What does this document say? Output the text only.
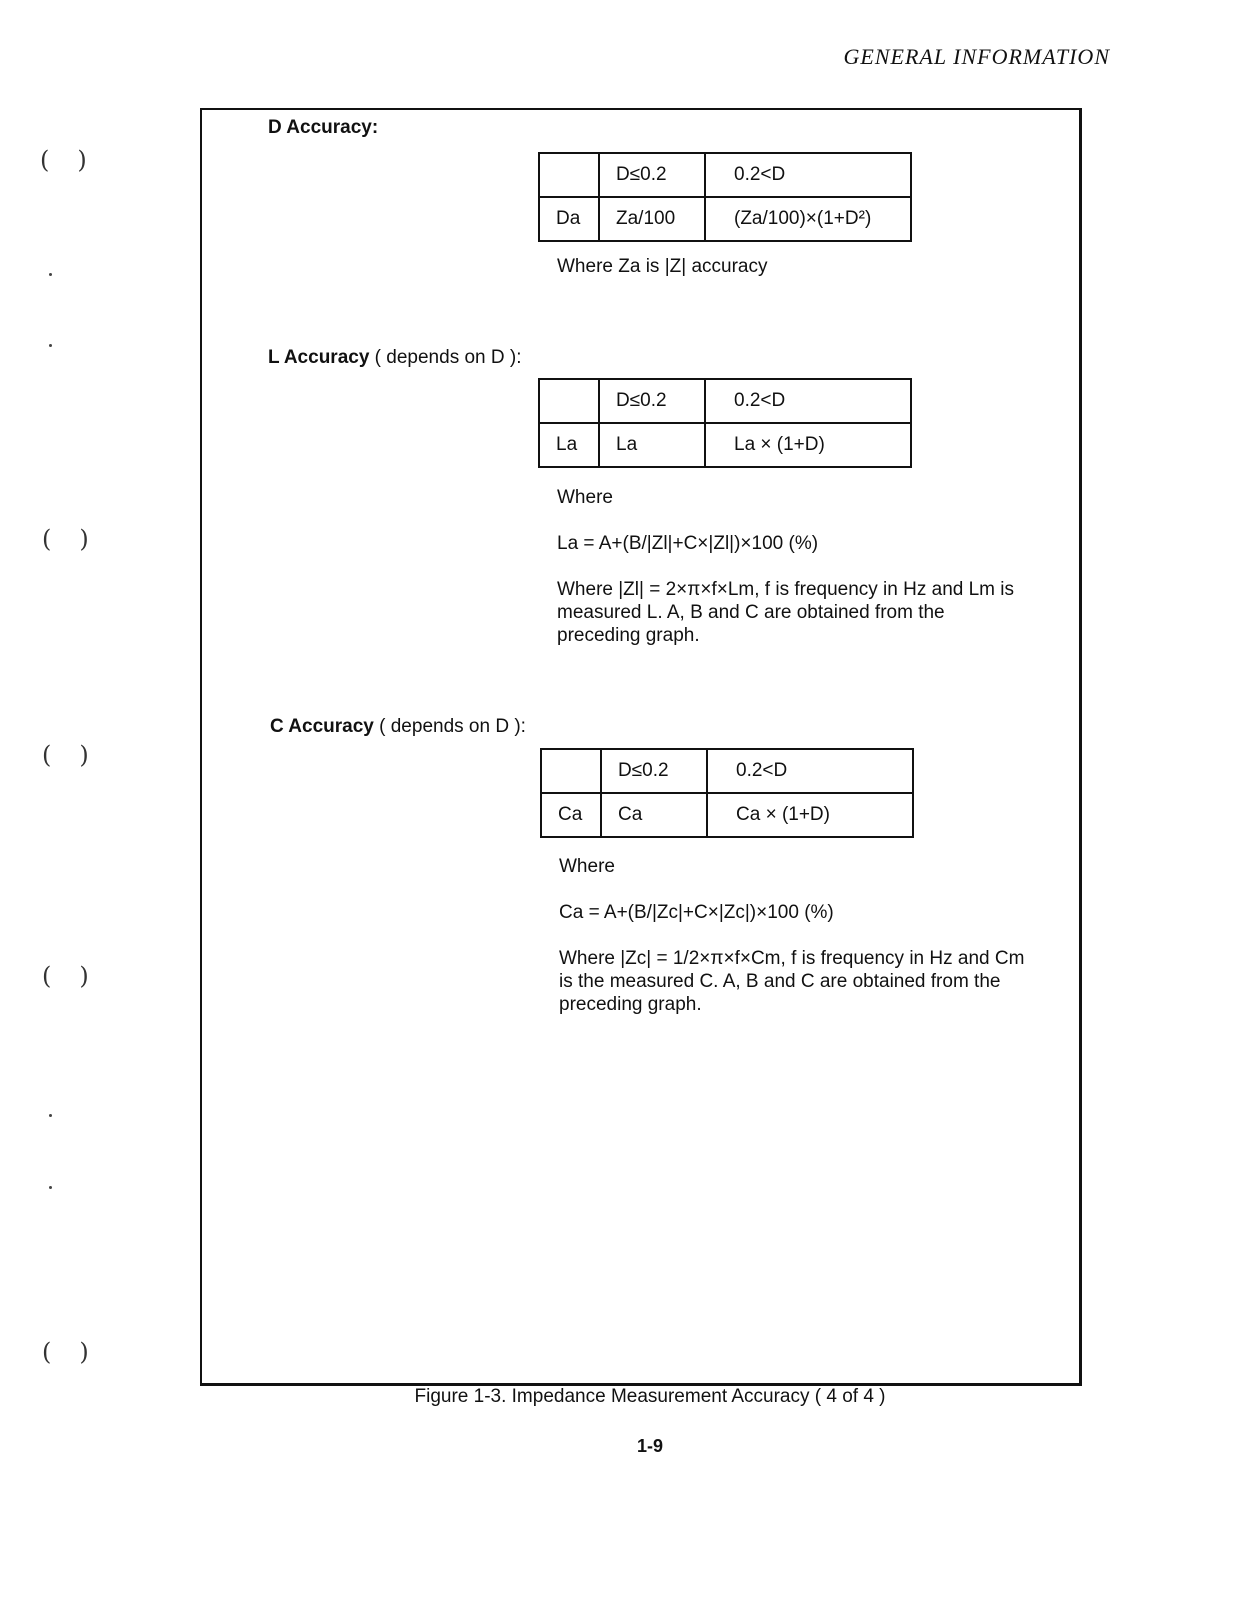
GENERAL INFORMATION
D Accuracy:
	D≤0.2	0.2<D
Da	Za/100	(Za/100)×(1+D²)
Where Za is |Z| accuracy
L Accuracy ( depends on D ):
	D≤0.2	0.2<D
La	La	La × (1+D)
Where
La = A+(B/|Zl|+C×|Zl|)×100 (%)
Where |Zl| = 2×π×f×Lm, f is frequency in Hz and Lm is measured L. A, B and C are obtained from the preceding graph.
C Accuracy ( depends on D ):
	D≤0.2	0.2<D
Ca	Ca	Ca × (1+D)
Where
Ca = A+(B/|Zc|+C×|Zc|)×100 (%)
Where |Zc| = 1/2×π×f×Cm, f is frequency in Hz and Cm is the measured C. A, B and C are obtained from the preceding graph.
Figure 1-3. Impedance Measurement Accuracy ( 4 of 4 )
1-9
( )
( )
( )
( )
( )
